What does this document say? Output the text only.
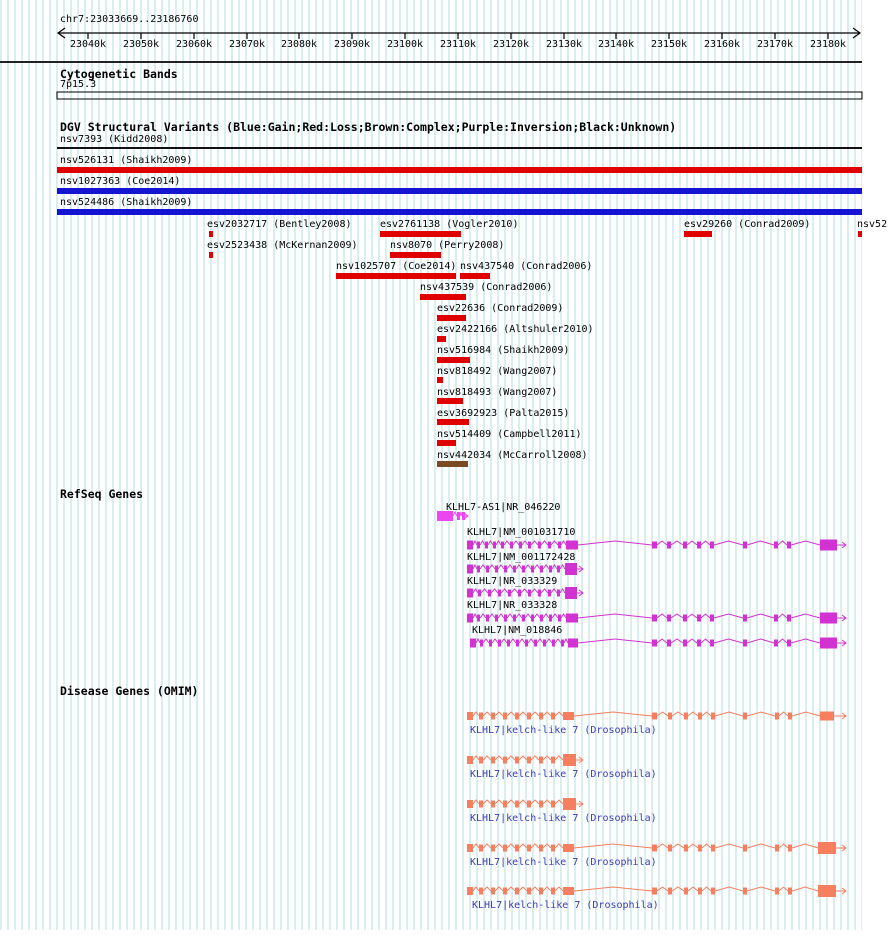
chr7:23033669..23186760
Cytogenetic Bands
7p15.3
DGV Structural Variants (Blue:Gain;Red:Loss;Brown:Complex;Purple:Inversion;Black:Unknown)
RefSeq Genes
Disease Genes (OMIM)
23040k	23050k	23060k	23070k	23080k	23090k	23100k	23110k	23120k	23130k	23140k	23150k	23160k	23170k	23180k
nsv7393 (Kidd2008)
nsv526131 (Shaikh2009)
nsv1027363 (Coe2014)
nsv524486 (Shaikh2009)
esv2032717 (Bentley2008)	esv2761138 (Vogler2010)	esv29260 (Conrad2009)	nsv52
esv2523438 (McKernan2009)	nsv8070 (Perry2008)
nsv1025707 (Coe2014) nsv437540 (Conrad2006)
nsv437539 (Conrad2006)
esv22636 (Conrad2009)
esv2422166 (Altshuler2010)
nsv516984 (Shaikh2009)
nsv818492 (Wang2007)
nsv818493 (Wang2007)
esv3692923 (Palta2015)
nsv514409 (Campbell2011)
nsv442034 (McCarroll2008)
KLHL7-AS1|NR_046220
KLHL7|NM_001031710
KLHL7|NM_001172428
KLHL7|NR_033329
KLHL7|NR_033328
KLHL7|NM_018846
KLHL7|kelch-like 7 (Drosophila)
KLHL7|kelch-like 7 (Drosophila)
KLHL7|kelch-like 7 (Drosophila)
KLHL7|kelch-like 7 (Drosophila)
KLHL7|kelch-like 7 (Drosophila)
